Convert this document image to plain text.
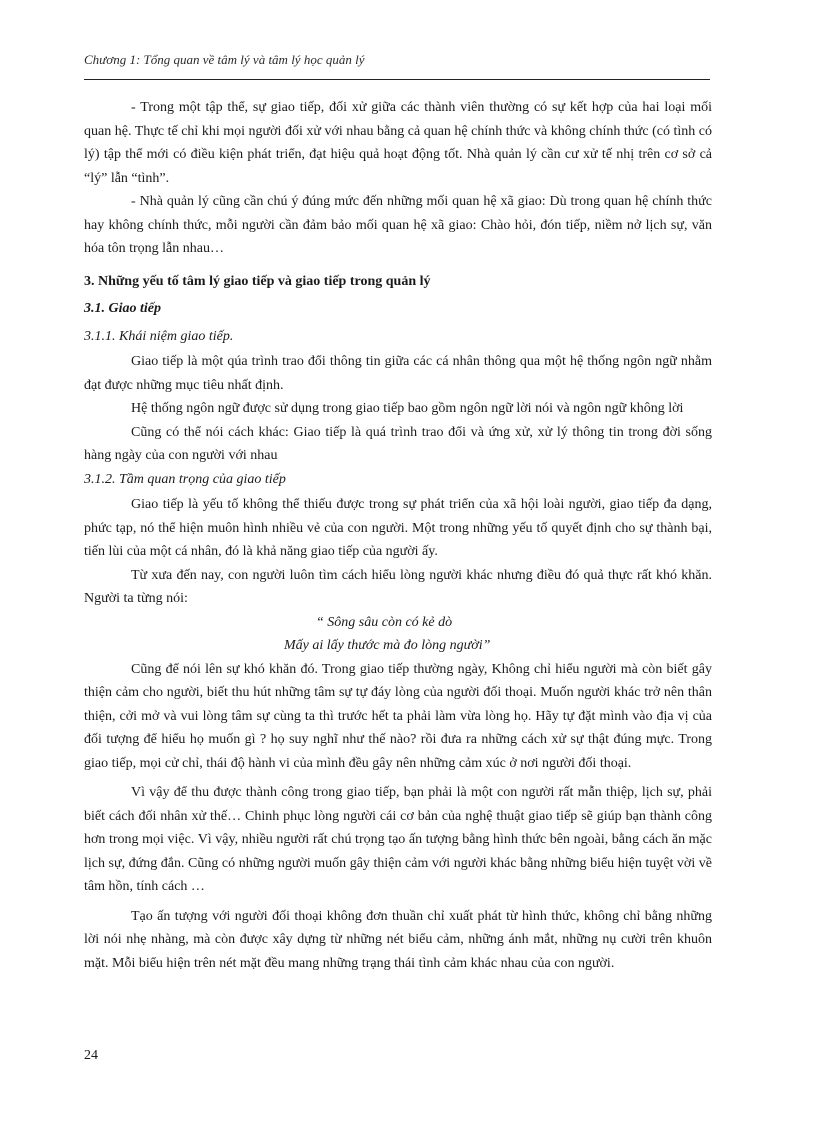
Chương 1: Tổng quan về tâm lý và tâm lý học quản lý

- Trong một tập thể, sự giao tiếp, đối xử giữa các thành viên thường có sự kết hợp của hai loại mối quan hệ. Thực tế chỉ khi mọi người đối xử với nhau bằng cả quan hệ chính thức và không chính thức (có tình có lý) tập thể mới có điều kiện phát triển, đạt hiệu quả hoạt động tốt. Nhà quản lý cần cư xử tế nhị trên cơ sở cả “lý” lẫn “tình”.

- Nhà quản lý cũng cần chú ý đúng mức đến những mối quan hệ xã giao: Dù trong quan hệ chính thức hay không chính thức, mỗi người cần đảm bảo mối quan hệ xã giao: Chào hỏi, đón tiếp, niềm nở lịch sự, văn hóa tôn trọng lẫn nhau…

3. Những yếu tố tâm lý giao tiếp và giao tiếp trong quản lý

3.1. Giao tiếp

3.1.1. Khái niệm giao tiếp.

Giao tiếp là một qúa trình trao đổi thông tin giữa các cá nhân thông qua một hệ thống ngôn ngữ nhằm đạt được những mục tiêu nhất định.

Hệ thống ngôn ngữ được sử dụng trong giao tiếp bao gồm ngôn ngữ lời nói và ngôn ngữ không lời

Cũng có thể nói cách khác: Giao tiếp là quá trình trao đổi và ứng xử, xử lý thông tin trong đời sống hàng ngày của con người với nhau

3.1.2. Tầm quan trọng của giao tiếp

Giao tiếp là yếu tố không thể thiếu được trong sự phát triển của xã hội loài người, giao tiếp đa dạng, phức tạp, nó thể hiện muôn hình nhiều vẻ của con người. Một trong những yếu tố quyết định cho sự thành bại, tiến lùi của một cá nhân, đó là khả năng giao tiếp của người ấy.

Từ xưa đến nay, con người luôn tìm cách hiểu lòng người khác nhưng điều đó quả thực rất khó khăn. Người ta từng nói:

“ Sông sâu còn có kẻ dò

Mấy ai lấy thước mà đo lòng người”

Cũng để nói lên sự khó khăn đó. Trong giao tiếp thường ngày, Không chỉ hiểu người mà còn biết gây thiện cảm cho người, biết thu hút những tâm sự tự đáy lòng của người đối thoại. Muốn người khác trở nên thân thiện, cởi mở và vui lòng tâm sự cùng ta thì trước hết ta phải làm vừa lòng họ. Hãy tự đặt mình vào địa vị của đối tượng để hiểu họ muốn gì ? họ suy nghĩ như thế nào? rồi đưa ra những cách xử sự thật đúng mực. Trong giao tiếp, mọi cử chỉ, thái độ hành vi của mình đều gây nên những cảm xúc ở nơi người đối thoại.

Vì vậy để thu được thành công trong giao tiếp, bạn phải là một con người rất mẫn thiệp, lịch sự, phải biết cách đối nhân xử thế… Chinh phục lòng người cái cơ bản của nghệ thuật giao tiếp sẽ giúp bạn thành công hơn trong mọi việc. Vì vậy, nhiều người rất chú trọng tạo ấn tượng bằng hình thức bên ngoài, bằng cách ăn mặc lịch sự, đứng đắn. Cũng có những người muốn gây thiện cảm với người khác bằng những biểu hiện tuyệt vời về tâm hồn, tính cách …

Tạo ấn tượng với người đối thoại không đơn thuần chỉ xuất phát từ hình thức, không chỉ bằng những lời nói nhẹ nhàng, mà còn được xây dựng từ những nét biểu cảm, những ánh mắt, những nụ cười trên khuôn mặt. Mỗi biểu hiện trên nét mặt đều mang những trạng thái tình cảm khác nhau của con người.

24
